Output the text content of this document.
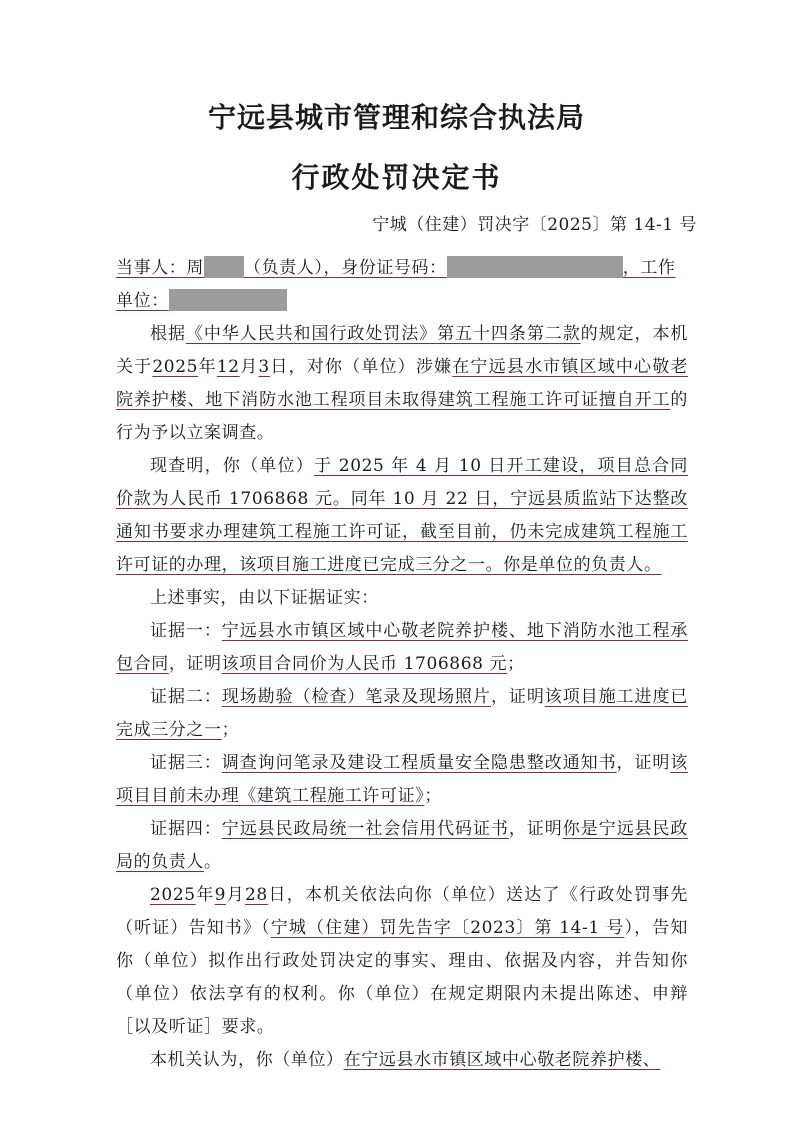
宁远县城市管理和综合执法局
行政处罚决定书
宁城（住建）罚决字〔2025〕第 14-1 号

当事人：周 （负责人），身份证号码：	，工作
单位：

根据《中华人民共和国行政处罚法》第五十四条第二款的规定，本机关于2025年12月3日，对你（单位）涉嫌在宁远县水市镇区域中心敬老院养护楼、地下消防水池工程项目未取得建筑工程施工许可证擅自开工的行为予以立案调查。

现查明，你（单位）于 2025 年 4 月 10 日开工建设，项目总合同价款为人民币 1706868 元。同年 10 月 22 日，宁远县质监站下达整改通知书要求办理建筑工程施工许可证，截至目前，仍未完成建筑工程施工许可证的办理，该项目施工进度已完成三分之一。你是单位的负责人。

上述事实，由以下证据证实：

证据一：宁远县水市镇区域中心敬老院养护楼、地下消防水池工程承包合同，证明该项目合同价为人民币 1706868 元；

证据二：现场勘验（检查）笔录及现场照片，证明该项目施工进度已完成三分之一；

证据三：调查询问笔录及建设工程质量安全隐患整改通知书，证明该项目目前未办理《建筑工程施工许可证》；

证据四：宁远县民政局统一社会信用代码证书，证明你是宁远县民政局的负责人。

2025年9月28日，本机关依法向你（单位）送达了《行政处罚事先（听证）告知书》（宁城（住建）罚先告字〔2023〕第 14-1 号），告知你（单位）拟作出行政处罚决定的事实、理由、依据及内容，并告知你（单位）依法享有的权利。你（单位）在规定期限内未提出陈述、申辩［以及听证］要求。

本机关认为，你（单位）在宁远县水市镇区域中心敬老院养护楼、
